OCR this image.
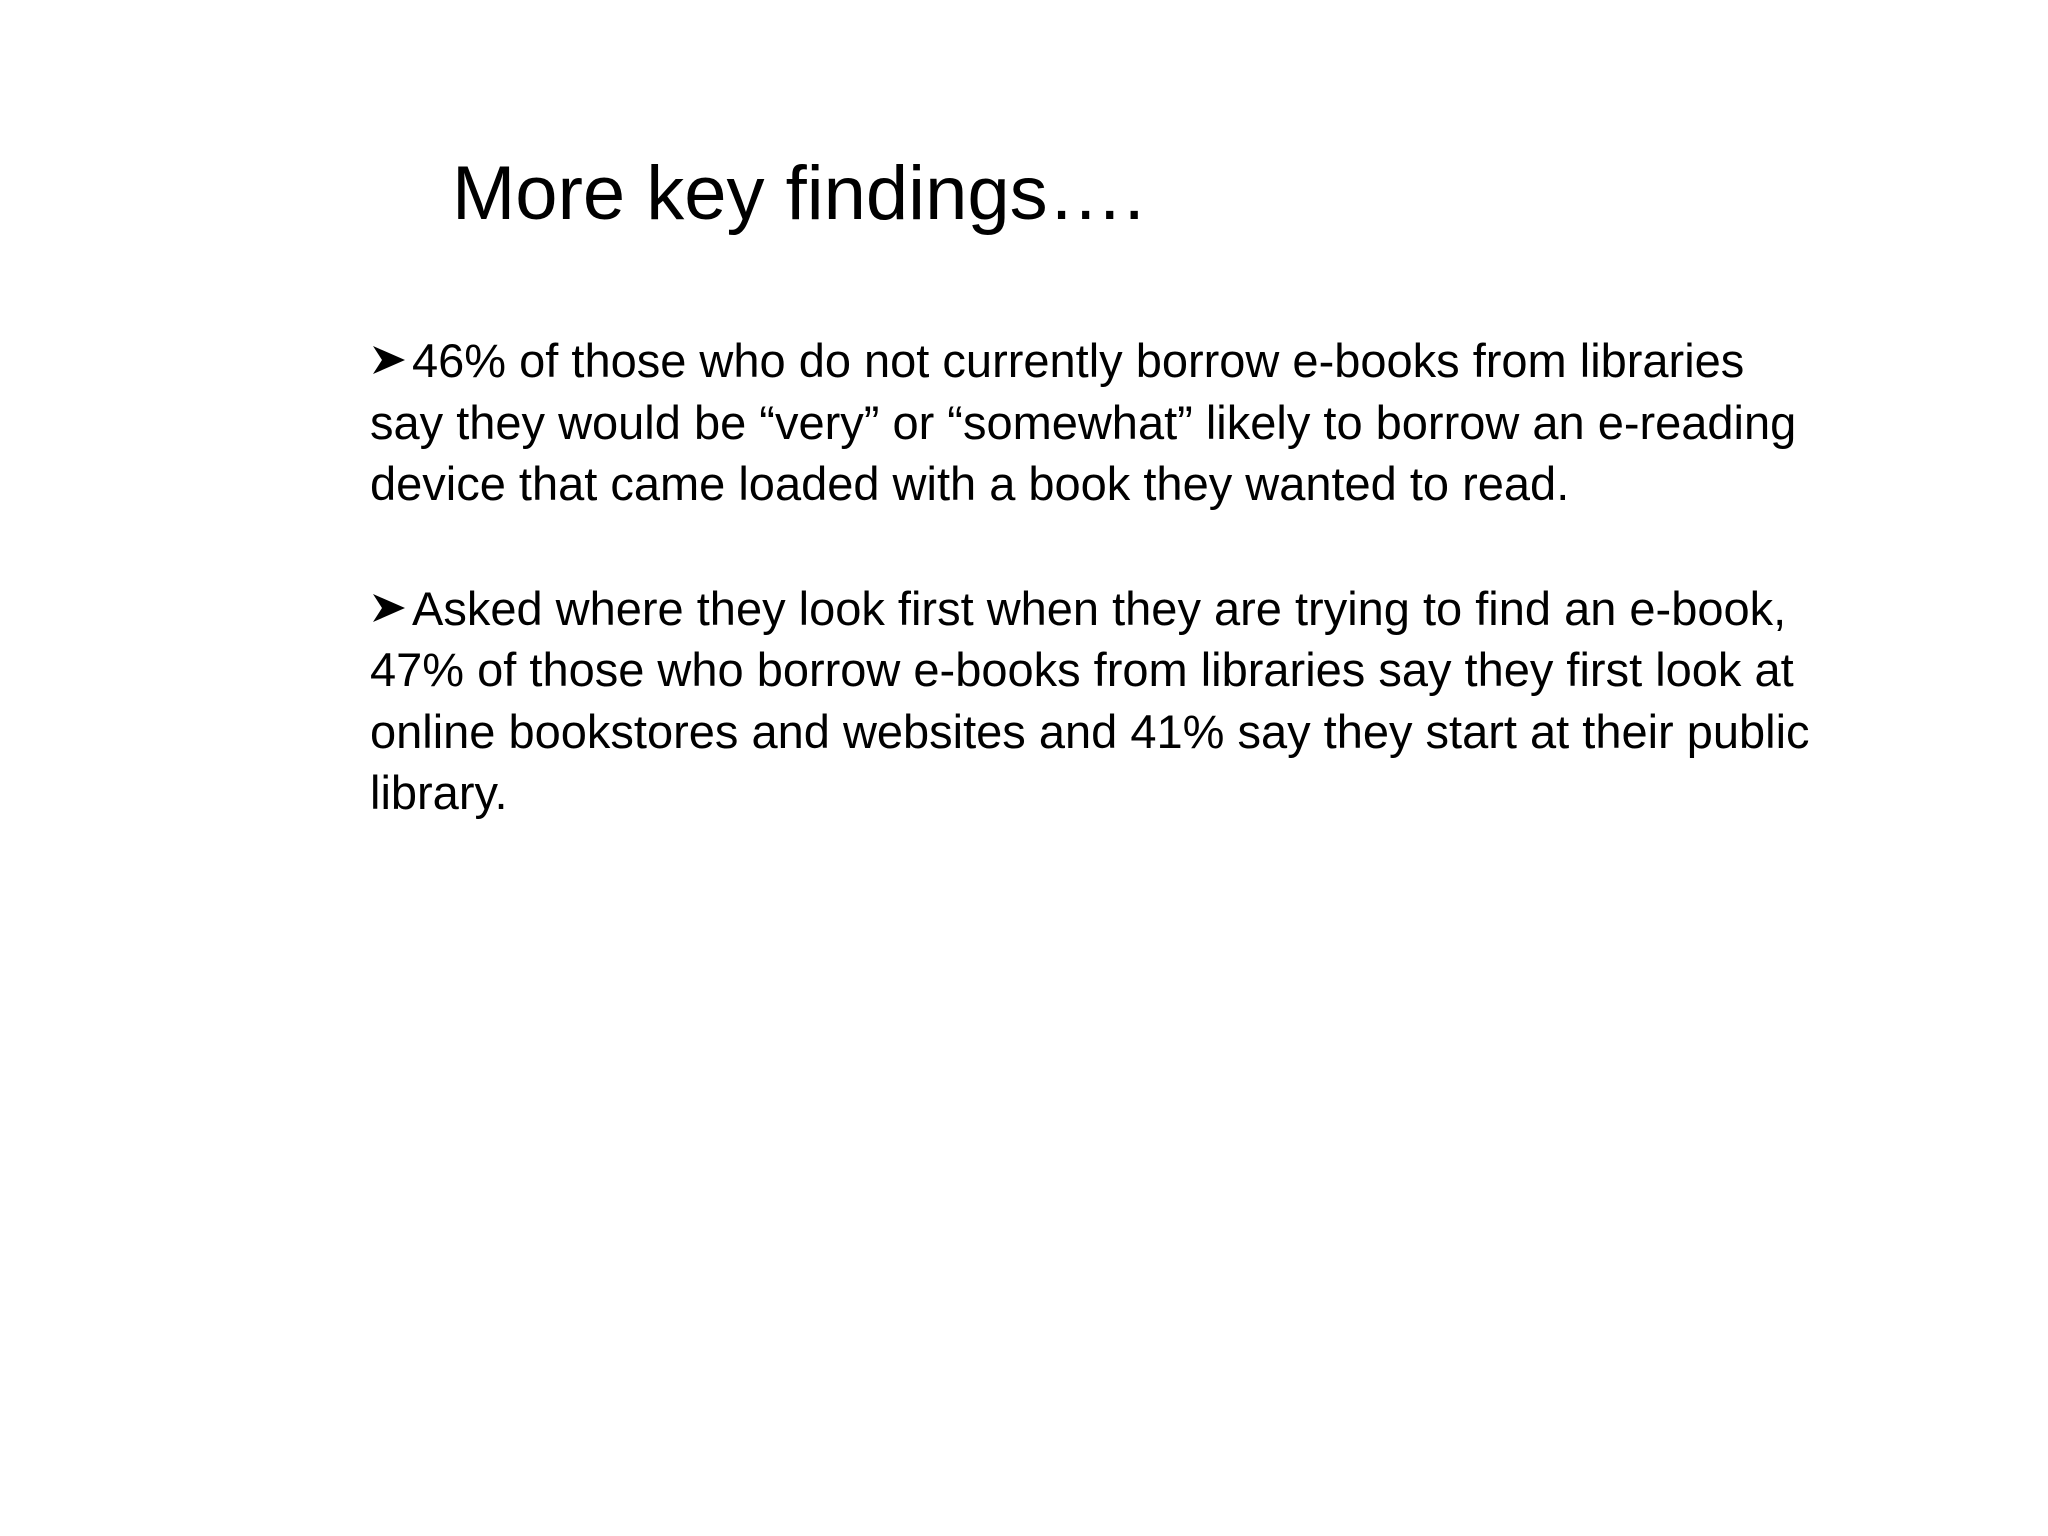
More key findings….

46% of those who do not currently borrow e-books from libraries say they would be “very” or “somewhat” likely to borrow an e-reading device that came loaded with a book they wanted to read.

Asked where they look first when they are trying to find an e-book, 47% of those who borrow e-books from libraries say they first look at online bookstores and websites and 41% say they start at their public library.
